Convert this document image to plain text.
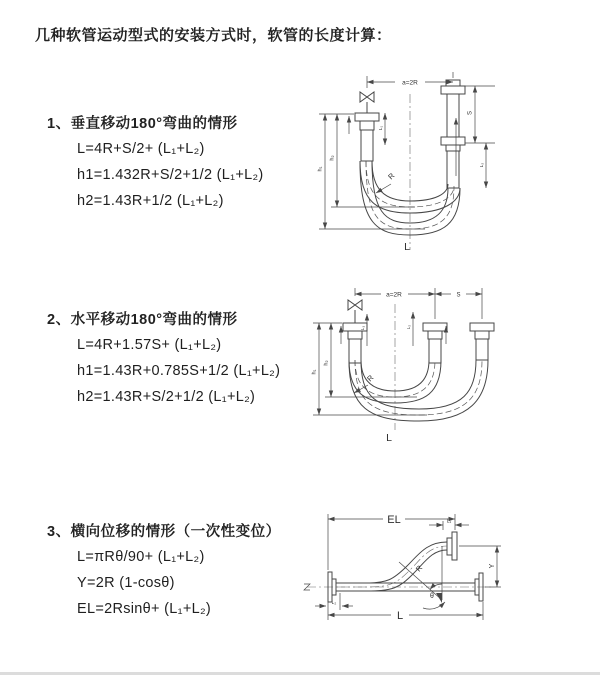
几种软管运动型式的安装方式时，软管的长度计算：
1、垂直移动180°弯曲的情形
L=4R+S/2+ (L₁+L₂)
h1=1.432R+S/2+1/2 (L₁+L₂)
h2=1.43R+1/2 (L₁+L₂)
2、水平移动180°弯曲的情形
L=4R+1.57S+ (L₁+L₂)
h1=1.43R+0.785S+1/2 (L₁+L₂)
h2=1.43R+S/2+1/2 (L₁+L₂)
3、横向位移的情形（一次性变位）
L=πRθ/90+ (L₁+L₂)
Y=2R (1-cosθ)
EL=2Rsinθ+ (L₁+L₂)
a=2R
h₁
h₂
S
L₁
L₂
R
L
a=2R	S
L₁	L₂
h₁
h₂
R
L
EL	L₁
θ
R	Y
L₂
L
